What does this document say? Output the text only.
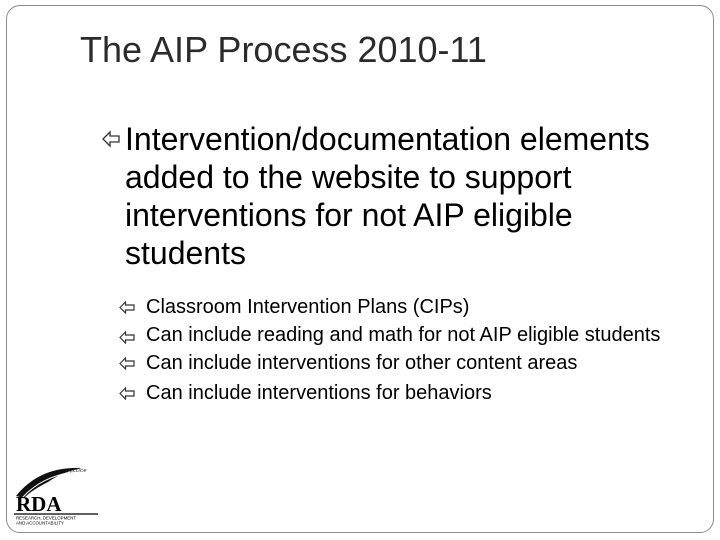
The AIP Process 2010-11
Intervention/documentation elements added to the website to support interventions for not AIP eligible students
Classroom Intervention Plans (CIPs)
Can include reading and math for not AIP eligible students
Can include interventions for other content areas
Can include interventions for behaviors
Research to Practice
RDA
RESEARCH, DEVELOPMENT
AND ACCOUNTABILITY
